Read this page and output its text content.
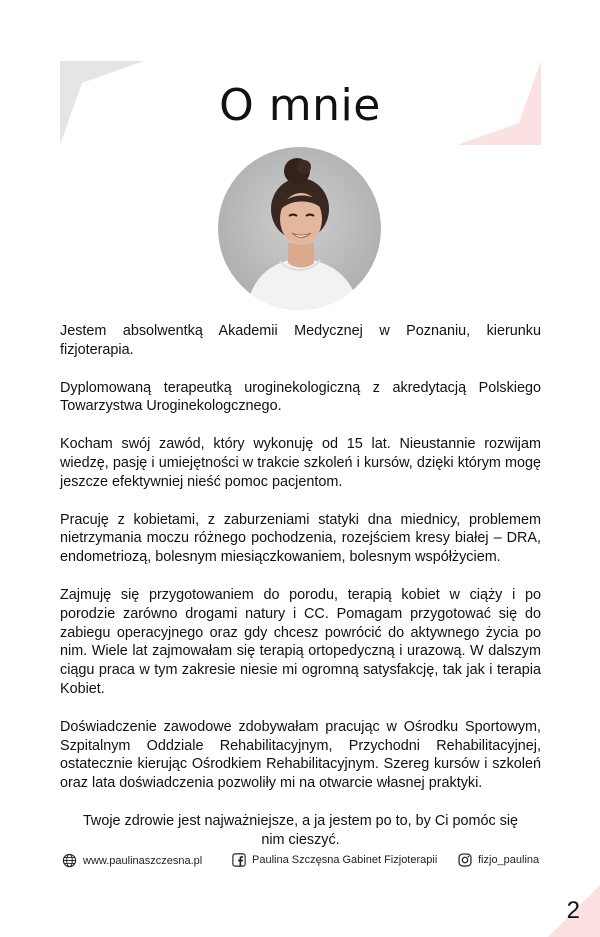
O mnie

Jestem absolwentką Akademii Medycznej w Poznaniu, kierunku fizjoterapia.

Dyplomowaną terapeutką uroginekologiczną z akredytacją Polskiego Towarzystwa Uroginekologcznego.

Kocham swój zawód, który wykonuję od 15 lat. Nieustannie rozwijam wiedzę, pasję i umiejętności w trakcie szkoleń i kursów, dzięki którym mogę jeszcze efektywniej nieść pomoc pacjentom.

Pracuję z kobietami, z zaburzeniami statyki dna miednicy, problemem nietrzymania moczu różnego pochodzenia, rozejściem kresy białej – DRA, endometriozą, bolesnym miesiączkowaniem, bolesnym współżyciem.

Zajmuję się przygotowaniem do porodu, terapią kobiet w ciąży i po porodzie zarówno drogami natury i CC. Pomagam przygotować się do zabiegu operacyjnego oraz gdy chcesz powrócić do aktywnego życia po nim. Wiele lat zajmowałam się terapią ortopedyczną i urazową. W dalszym ciągu praca w tym zakresie niesie mi ogromną satysfakcję, tak jak i terapia Kobiet.

Doświadczenie zawodowe zdobywałam pracując w Ośrodku Sportowym, Szpitalnym Oddziale Rehabilitacyjnym, Przychodni Rehabilitacyjnej, ostatecznie kierując Ośrodkiem Rehabilitacyjnym. Szereg kursów i szkoleń oraz lata doświadczenia pozwoliły mi na otwarcie własnej praktyki.

Twoje zdrowie jest najważniejsze, a ja jestem po to, by Ci pomóc się nim cieszyć.

www.paulinaszczesna.pl	Paulina Szczęsna Gabinet Fizjoterapii	fizjo_paulina
2
